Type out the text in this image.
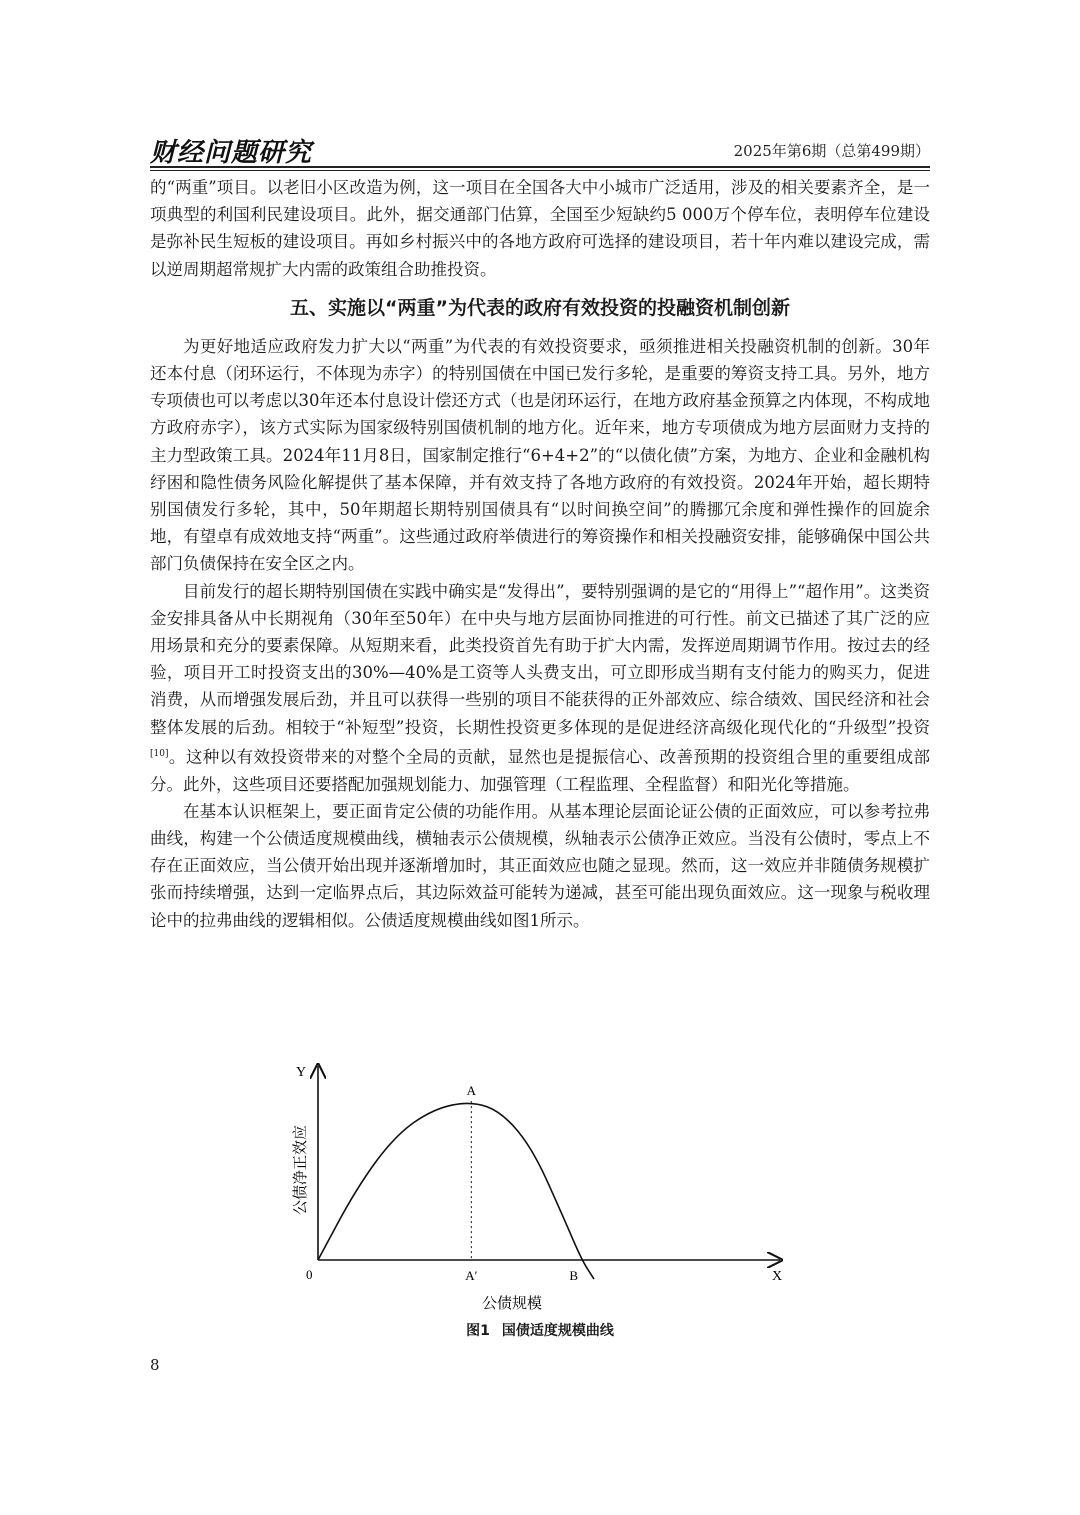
财经问题研究	2025年第6期（总第499期）

的“两重”项目。以老旧小区改造为例，这一项目在全国各大中小城市广泛适用，涉及的相关要素齐全，是一项典型的利国利民建设项目。此外，据交通部门估算，全国至少短缺约5 000万个停车位，表明停车位建设是弥补民生短板的建设项目。再如乡村振兴中的各地方政府可选择的建设项目，若十年内难以建设完成，需以逆周期超常规扩大内需的政策组合助推投资。

五、实施以“两重”为代表的政府有效投资的投融资机制创新

为更好地适应政府发力扩大以“两重”为代表的有效投资要求，亟须推进相关投融资机制的创新。30年还本付息（闭环运行，不体现为赤字）的特别国债在中国已发行多轮，是重要的筹资支持工具。另外，地方专项债也可以考虑以30年还本付息设计偿还方式（也是闭环运行，在地方政府基金预算之内体现，不构成地方政府赤字），该方式实际为国家级特别国债机制的地方化。近年来，地方专项债成为地方层面财力支持的主力型政策工具。2024年11月8日，国家制定推行“6+4+2”的“以债化债”方案，为地方、企业和金融机构纾困和隐性债务风险化解提供了基本保障，并有效支持了各地方政府的有效投资。2024年开始，超长期特别国债发行多轮，其中，50年期超长期特别国债具有“以时间换空间”的腾挪冗余度和弹性操作的回旋余地，有望卓有成效地支持“两重”。这些通过政府举债进行的筹资操作和相关投融资安排，能够确保中国公共部门负债保持在安全区之内。

目前发行的超长期特别国债在实践中确实是“发得出”，要特别强调的是它的“用得上”“超作用”。这类资金安排具备从中长期视角（30年至50年）在中央与地方层面协同推进的可行性。前文已描述了其广泛的应用场景和充分的要素保障。从短期来看，此类投资首先有助于扩大内需，发挥逆周期调节作用。按过去的经验，项目开工时投资支出的30%—40%是工资等人头费支出，可立即形成当期有支付能力的购买力，促进消费，从而增强发展后劲，并且可以获得一些别的项目不能获得的正外部效应、综合绩效、国民经济和社会整体发展的后劲。相较于“补短型”投资，长期性投资更多体现的是促进经济高级化现代化的“升级型”投资[10]。这种以有效投资带来的对整个全局的贡献，显然也是提振信心、改善预期的投资组合里的重要组成部分。此外，这些项目还要搭配加强规划能力、加强管理（工程监理、全程监督）和阳光化等措施。

在基本认识框架上，要正面肯定公债的功能作用。从基本理论层面论证公债的正面效应，可以参考拉弗曲线，构建一个公债适度规模曲线，横轴表示公债规模，纵轴表示公债净正效应。当没有公债时，零点上不存在正面效应，当公债开始出现并逐渐增加时，其正面效应也随之显现。然而，这一效应并非随债务规模扩张而持续增强，达到一定临界点后，其边际效益可能转为递减，甚至可能出现负面效应。这一现象与税收理论中的拉弗曲线的逻辑相似。公债适度规模曲线如图1所示。

Y
X
0
A
A′	B
公债净正效应
公债规模
图1 国债适度规模曲线
8
